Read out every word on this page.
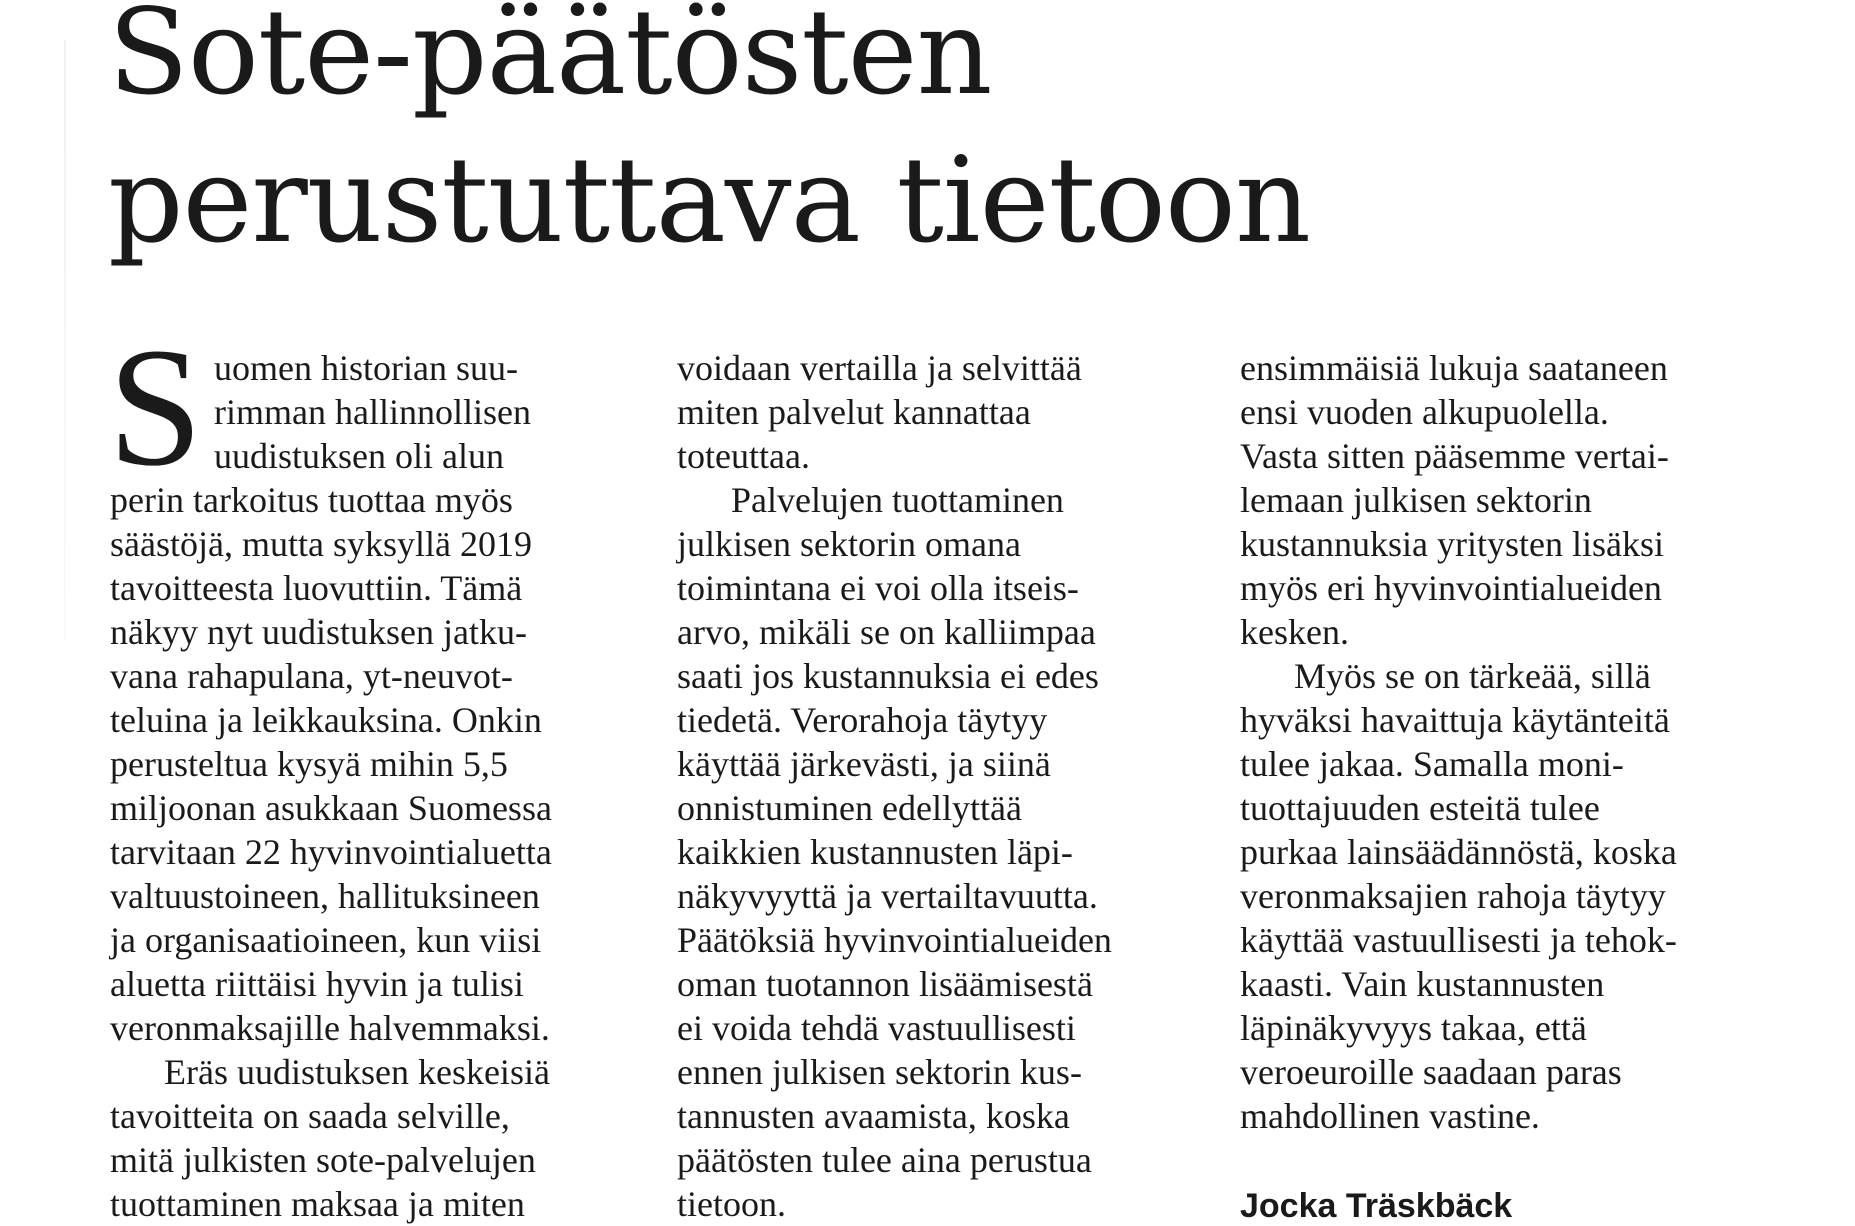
Sote-päätösten
perustuttava tietoon
S uomen historian suu-
rimman hallinnollisen
uudistuksen oli alun
perin tarkoitus tuottaa myös
säästöjä, mutta syksyllä 2019
tavoitteesta luovuttiin. Tämä
näkyy nyt uudistuksen jatku-
vana rahapulana, yt-neuvot-
teluina ja leikkauksina. Onkin
perusteltua kysyä mihin 5,5
miljoonan asukkaan Suomessa
tarvitaan 22 hyvinvointialuetta
valtuustoineen, hallituksineen
ja organisaatioineen, kun viisi
aluetta riittäisi hyvin ja tulisi
veronmaksajille halvemmaksi.

Eräs uudistuksen keskeisiä
tavoitteita on saada selville,
mitä julkisten sote-palvelujen
tuottaminen maksaa ja miten

voidaan vertailla ja selvittää
miten palvelut kannattaa
toteuttaa.

Palvelujen tuottaminen
julkisen sektorin omana
toimintana ei voi olla itseis-
arvo, mikäli se on kalliimpaa
saati jos kustannuksia ei edes
tiedetä. Verorahoja täytyy
käyttää järkevästi, ja siinä
onnistuminen edellyttää
kaikkien kustannusten läpi-
näkyvyyttä ja vertailtavuutta.
Päätöksiä hyvinvointialueiden
oman tuotannon lisäämisestä
ei voida tehdä vastuullisesti
ennen julkisen sektorin kus-
tannusten avaamista, koska
päätösten tulee aina perustua
tietoon.

ensimmäisiä lukuja saataneen
ensi vuoden alkupuolella.
Vasta sitten pääsemme vertai-
lemaan julkisen sektorin
kustannuksia yritysten lisäksi
myös eri hyvinvointialueiden
kesken.

Myös se on tärkeää, sillä
hyväksi havaittuja käytänteitä
tulee jakaa. Samalla moni-
tuottajuuden esteitä tulee
purkaa lainsäädännöstä, koska
veronmaksajien rahoja täytyy
käyttää vastuullisesti ja tehok-
kaasti. Vain kustannusten
läpinäkyvyys takaa, että
veroeuroille saadaan paras
mahdollinen vastine.

Jocka Träskbäck
